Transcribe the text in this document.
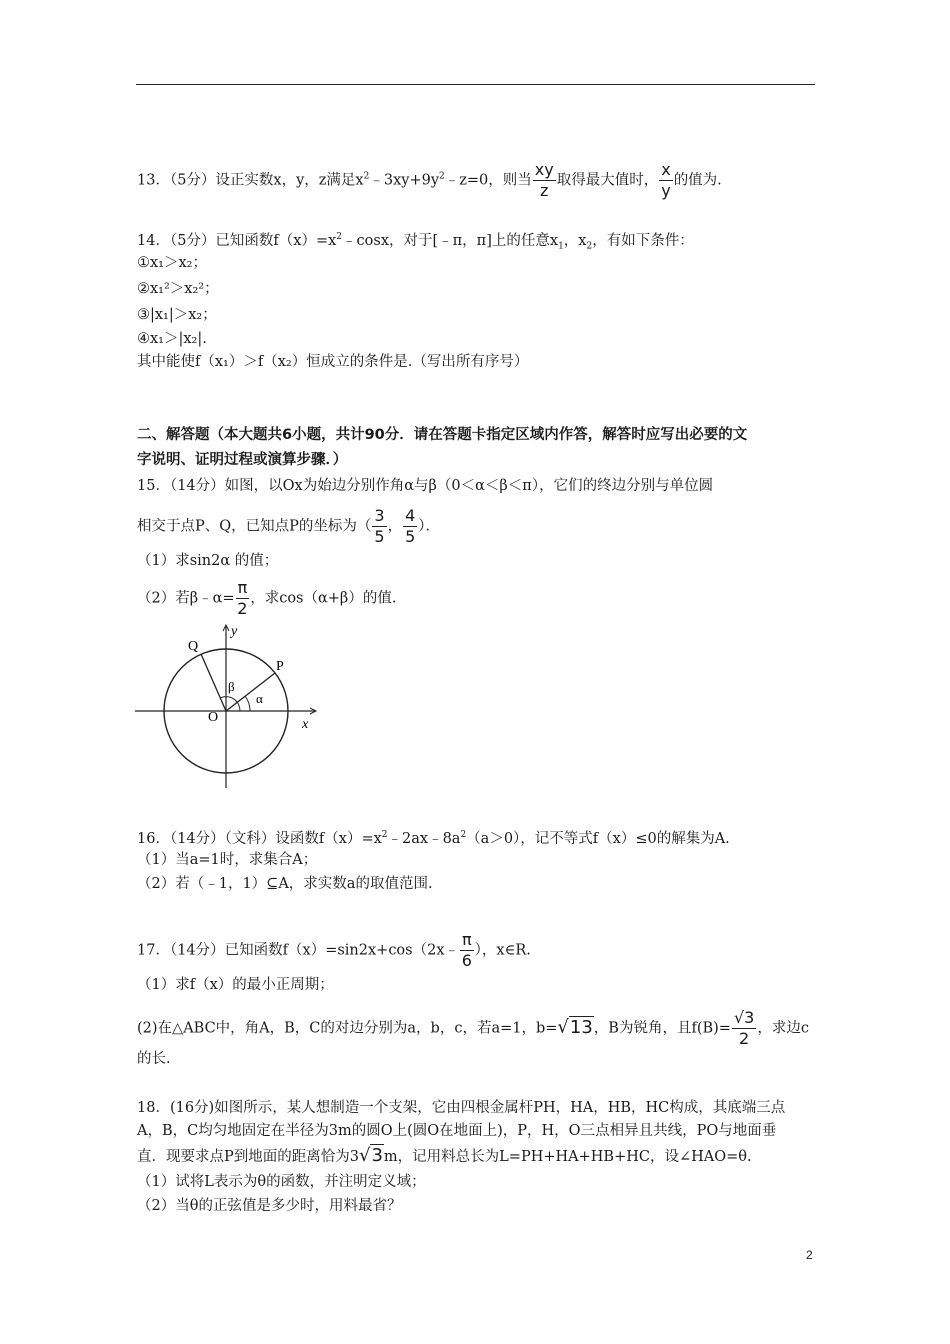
13．（5分）设正实数x，y，z满足$x^2﹣3xy+9y^2﹣z=0$，则当 $\frac{xy}{z}$ 取得最大值时， $\frac{x}{y}$ 的值为.
14．（5分）已知函数$f(x)=x^2﹣\cos x$，对于[﹣π，π]上的任意$x_1$，$x_2$，有如下条件：
①x₁＞x₂；
②x₁²＞x₂²；
③|x₁|＞x₂；
④x₁＞|x₂|.
其中能使f（x₁）＞f（x₂）恒成立的条件是.（写出所有序号）
二、解答题（本大题共6小题，共计90分．请在答题卡指定区域内作答，解答时应写出必要的文
字说明、证明过程或演算步骤．）
15．（14分）如图，以Ox为始边分别作角α与β（0＜α＜β＜π），它们的终边分别与单位圆
相交于点P、Q，已知点P的坐标为（ $\frac{3}{5}$ ， $\frac{4}{5}$ ）．
（1）求sin2α 的值；
（2）若β﹣α= $\frac{\pi}{2}$ ，求cos（α+β）的值.
y
x
O
P
Q
α
β
16．（14分）（文科）设函数$f(x)=x^2﹣2ax﹣8a^2(a>0)$，记不等式f（x）≤0的解集为A.
（1）当a=1时，求集合A；
（2）若（﹣1，1）⊆A，求实数a的取值范围.
17．（14分）已知函数f（x）=sin2x+cos（2x﹣ $\frac{\pi}{6}$ ），x∈R.
（1）求f（x）的最小正周期；
(2)在△ABC中，角A，B，C的对边分别为a，b，c，若a=1，b=√13，B为锐角，且$f(B)= \frac{√3}{2}$ ，求边c
的长.
18．(16分)如图所示，某人想制造一个支架，它由四根金属杆PH，HA，HB，HC构成，其底端三点
A，B，C均匀地固定在半径为3m的圆O上(圆O在地面上)，P，H，O三点相异且共线，PO与地面垂
直．现要求点P到地面的距离恰为3√3m，记用料总长为L=PH+HA+HB+HC，设∠HAO=θ.
（1）试将L表示为θ的函数，并注明定义域；
（2）当θ的正弦值是多少时，用料最省？
2
